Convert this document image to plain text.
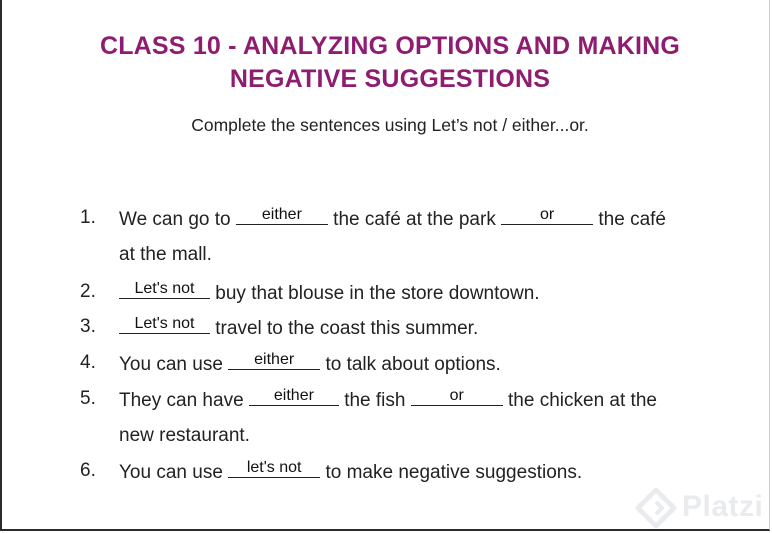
CLASS 10 - ANALYZING OPTIONS AND MAKING
NEGATIVE SUGGESTIONS

Complete the sentences using Let’s not / either...or.

1. We can go to	either	the café at the park	or	the café
at the mall.
2.	Let's not buy that blouse in the store downtown.
3.	Let's not travel to the coast this summer.
4. You can use	either	to talk about options.
5. They can have	either	the fish	or	the chicken at the
new restaurant.
6. You can use	let's not to make negative suggestions.
Platzi
